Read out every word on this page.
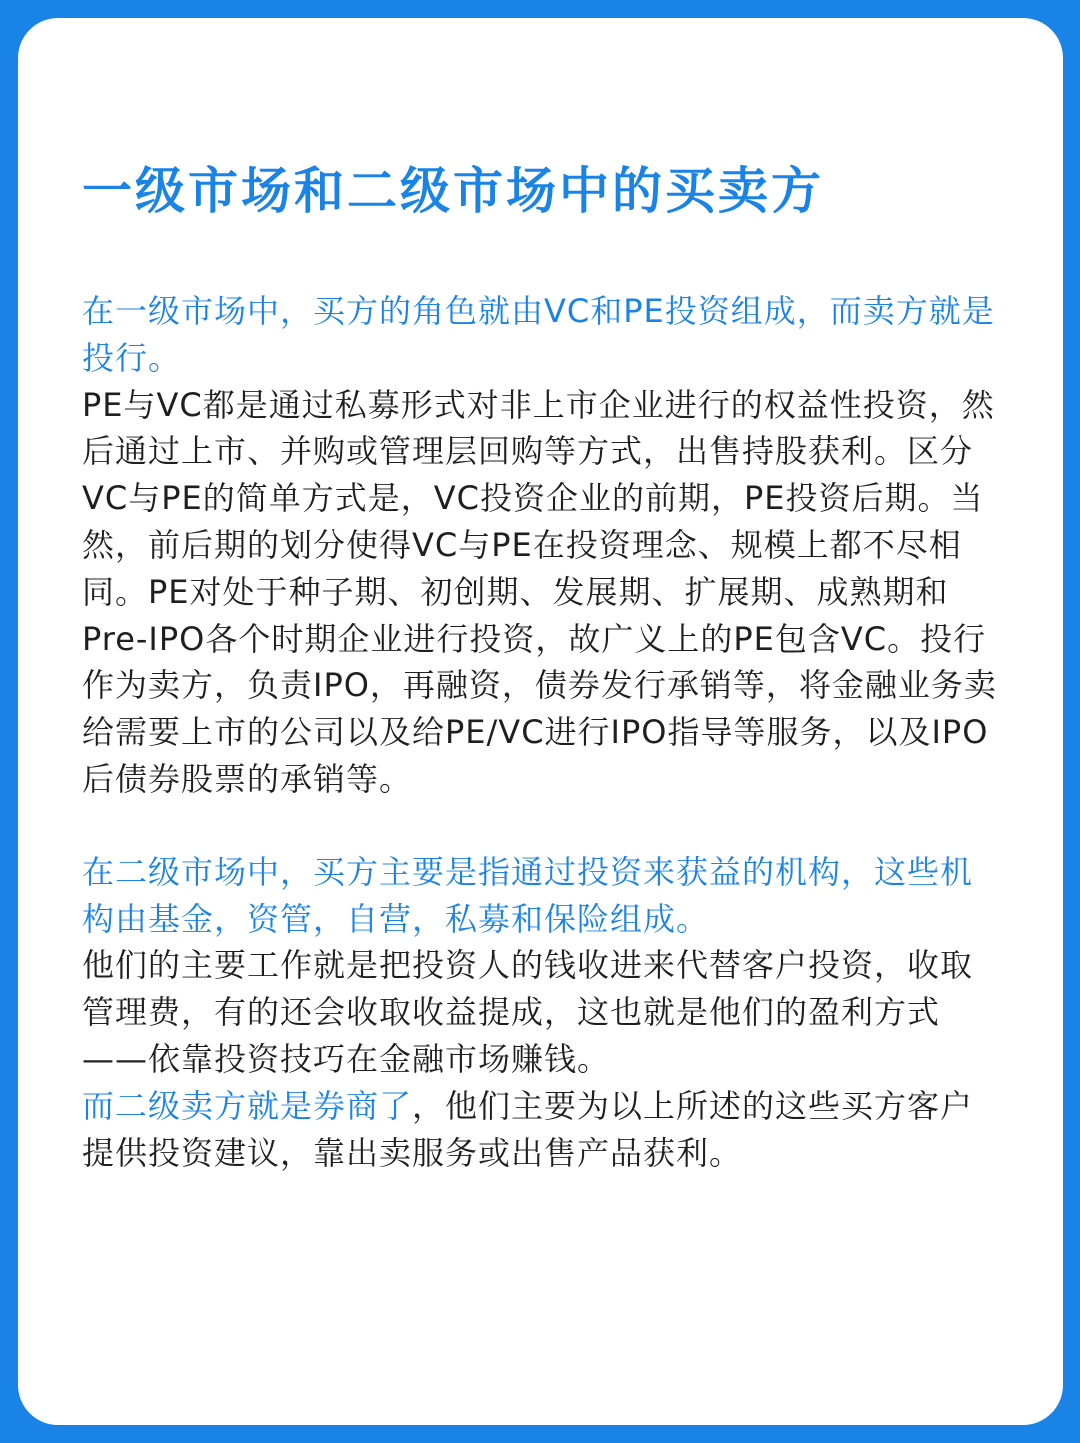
一级市场和二级市场中的买卖方

在一级市场中，买方的角色就由VC和PE投资组成，而卖方就是投行。

PE与VC都是通过私募形式对非上市企业进行的权益性投资，然后通过上市、并购或管理层回购等方式，出售持股获利。区分VC与PE的简单方式是，VC投资企业的前期，PE投资后期。当然，前后期的划分使得VC与PE在投资理念、规模上都不尽相同。PE对处于种子期、初创期、发展期、扩展期、成熟期和Pre-IPO各个时期企业进行投资，故广义上的PE包含VC。投行作为卖方，负责IPO，再融资，债券发行承销等，将金融业务卖给需要上市的公司以及给PE/VC进行IPO指导等服务，以及IPO后债券股票的承销等。

在二级市场中，买方主要是指通过投资来获益的机构，这些机构由基金，资管，自营，私募和保险组成。

他们的主要工作就是把投资人的钱收进来代替客户投资，收取管理费，有的还会收取收益提成，这也就是他们的盈利方式——依靠投资技巧在金融市场赚钱。

而二级卖方就是券商了，他们主要为以上所述的这些买方客户提供投资建议，靠出卖服务或出售产品获利。
